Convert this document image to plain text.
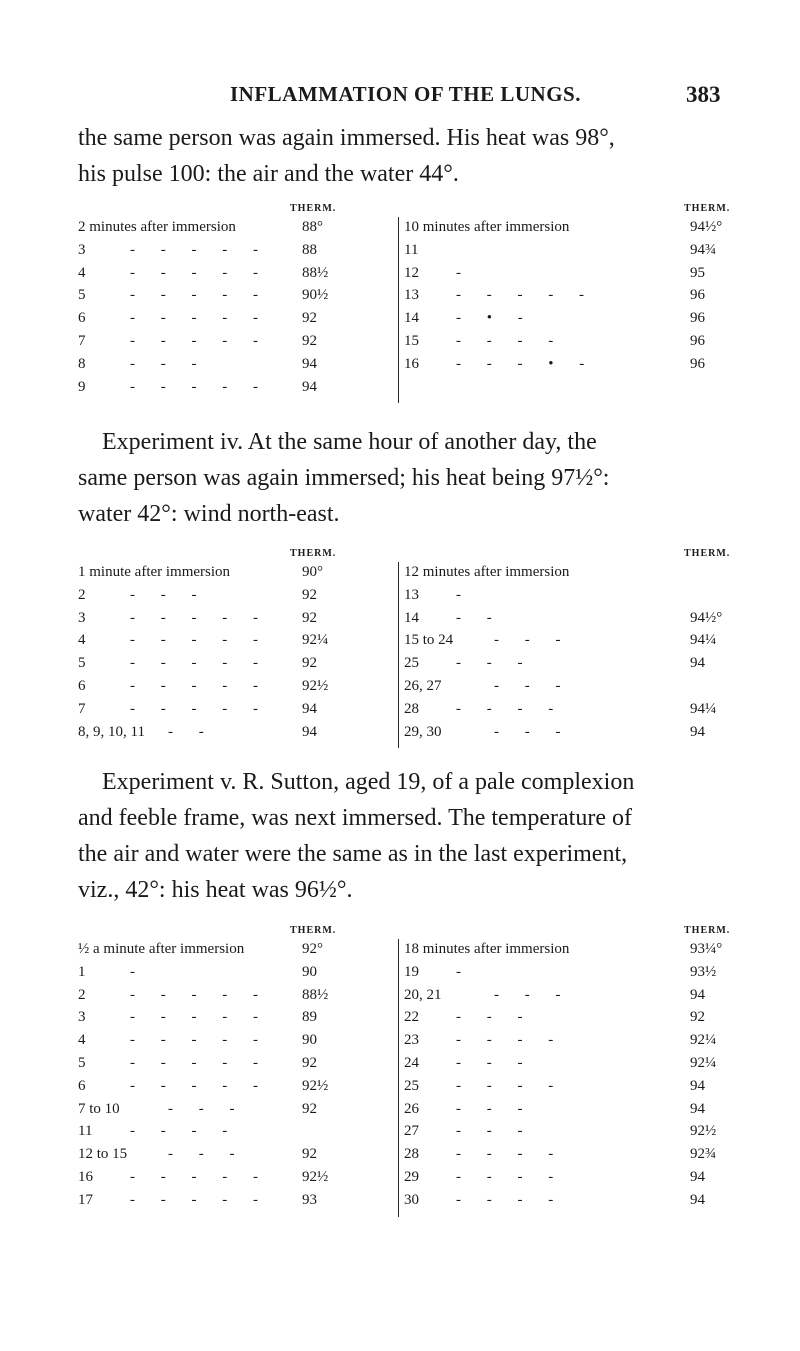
INFLAMMATION OF THE LUNGS.	383
the same person was again immersed. His heat was 98°,
his pulse 100: the air and the water 44°.
THERM.
2 minutes after immersion	88°
3	- - - - - 88
4	- - - - - 88½
5	- - - - - 90½
6	- - - - - 92
7	- - - - - 92
8	- - -	94
9	- - - - - 94
THERM.
10 minutes after immersion	94½°
11	94¾
12 -	95
13 - - - - -	96
14 - • -	96
15 - - - -	96
16 - - - • -	96
Experiment iv. At the same hour of another day, the
same person was again immersed; his heat being 97½°:
water 42°: wind north-east.
THERM.
1 minute after immersion	90°
2	- - -	92
3	- - - - - 92
4	- - - - - 92¼
5	- - - - - 92
6	- - - - - 92½
7	- - - - - 94
8, 9, 10, 11 - -	94
THERM.
12 minutes after immersion
13 -
14 - -	94½°
15 to 24	- - -	94¼
25 - - -	94
26, 27	- - -
28 - - - -	94¼
29, 30	- - -	94
Experiment v. R. Sutton, aged 19, of a pale complexion
and feeble frame, was next immersed. The temperature of
the air and water were the same as in the last experiment,
viz., 42°: his heat was 96½°.
THERM.
½ a minute after immersion	92°
1	-	90
2	- - - - - 88½
3	- - - - - 89
4	- - - - - 90
5	- - - - - 92
6	- - - - - 92½
7 to 10	- - -	92
11	- - - -
12 to 15	- - -	92
16 - - - - - 92½
17 - - - - - 93
THERM.
18 minutes after immersion	93¼°
19 -	93½
20, 21	- - -	94
22 - - -	92
23 - - - -	92¼
24 - - -	92¼
25 - - - -	94
26 - - -	94
27 - - -	92½
28 - - - -	92¾
29 - - - -	94
30 - - - -	94
